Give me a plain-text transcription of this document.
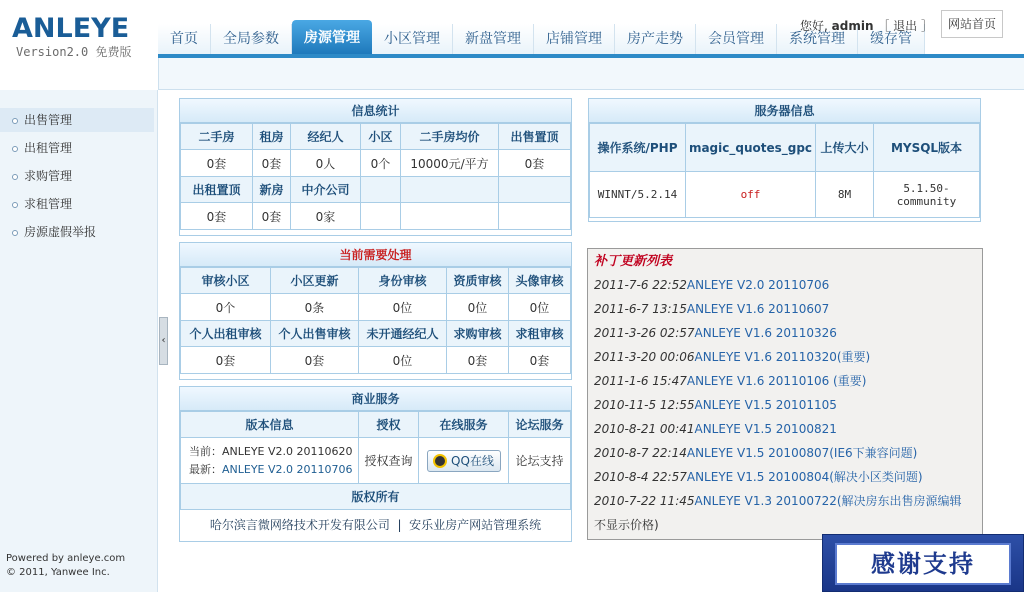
ANLEYE
Version2.0 免费版
首页	全局参数	房源管理	小区管理	新盘管理	店铺管理	房产走势	会员管理	系统管理	缓存管
您好, admin ［ 退出 ］	网站首页
出售管理
出租管理
求购管理
求租管理
房源虚假举报
Powered by anleye.com
© 2011, Yanwee Inc.
‹
信息统计
二手房	租房	经纪人	小区	二手房均价	出售置顶
0套	0套	0人	0个	10000元/平方	0套
出租置顶	新房	中介公司			
0套	0套	0家			
当前需要处理
审核小区	小区更新	身份审核	资质审核	头像审核
0个	0条	0位	0位	0位
个人出租审核	个人出售审核	未开通经纪人	求购审核	求租审核
0套	0套	0位	0套	0套
商业服务
版本信息	授权	在线服务	论坛服务

当前：ANLEYE V2.0 20110620
最新：ANLEYE V2.0 20110706	授权查询	QQ在线	论坛支持
版权所有			
哈尔滨言微网络技术开发有限公司 | 安乐业房产网站管理系统
服务器信息
操作系统/PHP	magic_quotes_gpc	上传大小	MYSQL版本
WINNT/5.2.14	off	8M	5.1.50-community
补丁更新列表
2011-7-6 22:52ANLEYE V2.0 20110706
2011-6-7 13:15ANLEYE V1.6 20110607
2011-3-26 02:57ANLEYE V1.6 20110326
2011-3-20 00:06ANLEYE V1.6 20110320(重要)
2011-1-6 15:47ANLEYE V1.6 20110106 (重要)
2010-11-5 12:55ANLEYE V1.5 20101105
2010-8-21 00:41ANLEYE V1.5 20100821
2010-8-7 22:14ANLEYE V1.5 20100807(IE6下兼容问题)
2010-8-4 22:57ANLEYE V1.5 20100804(解决小区类问题)
2010-7-22 11:45ANLEYE V1.3 20100722(解决房东出售房源编辑
不显示价格)
感谢支持
